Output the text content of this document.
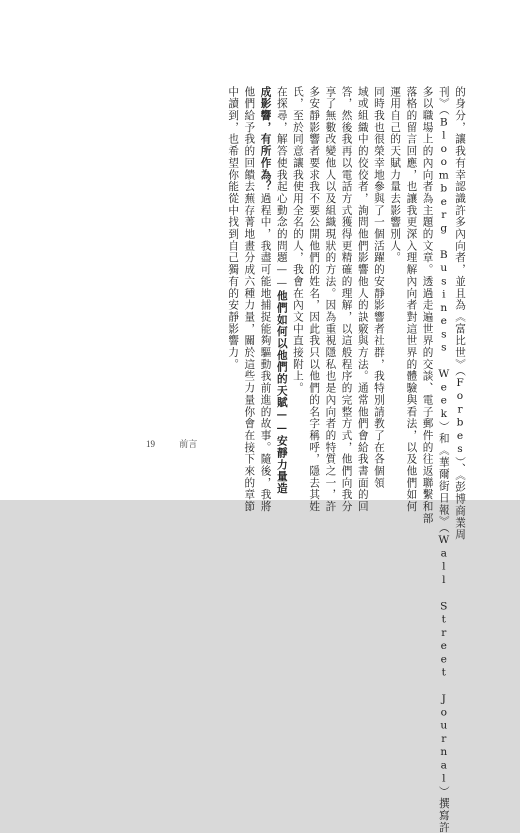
的身分，讓我有幸認識許多內向者，並且為《富比世》（Forbes）、《彭博商業周
刊》（Bloomberg Business Week）和《華爾街日報》（Wall Street Journal）撰寫許
多以職場上的內向者為主題的文章。透過走遍世界的交談、電子郵件的往返聯繫和部
落格的留言回應，也讓我更深入理解內向者對這世界的體驗與看法，以及他們如何
運用自己的天賦力量去影響別人。
同時我也很榮幸地參與了一個活躍的安靜影響者社群，我特別請教了在各個領
域或組織中的佼佼者，詢問他們影響他人的訣竅與方法。通常他們會給我書面的回
答，然後我再以電話方式獲得更精確的理解，以這般程序的完整方式，他們向我分
享了無數改變他人以及組織現狀的方法。因為重視隱私也是內向者的特質之一，許
多安靜影響者要求我不要公開他們的姓名，因此我只以他們的名字稱呼，隱去其姓
氏，至於同意讓我使用全名的人，我會在內文中直接附上。
在探尋，解答使我起心動念的問題——他們如何以他們的天賦——安靜力量造
成影響，有所作為？過程中，我盡可能地捕捉能夠驅動我前進的故事。隨後，我將
他們給予我的回饋去蕪存菁地畫分成六種力量，關於這些力量你會在接下來的章節
中讀到，也希望你能從中找到自己獨有的安靜影響力。
19	前言
